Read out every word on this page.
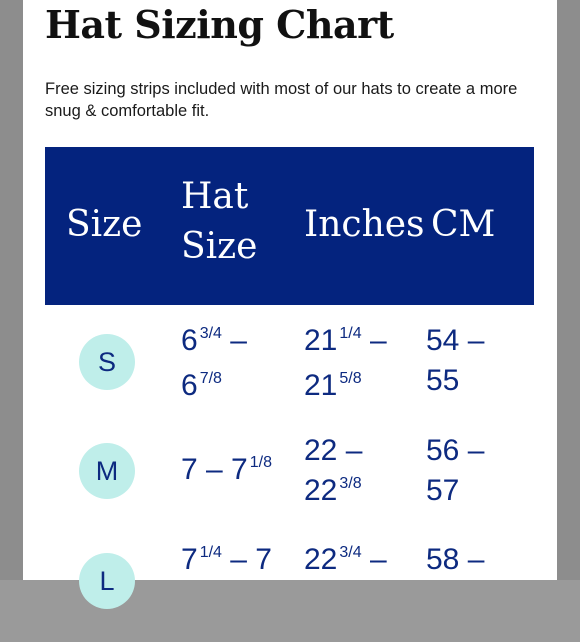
Hat Sizing Chart
Free sizing strips included with most of our hats to create a more snug & comfortable fit.
Size
Hat Size
Inches CM
S
6 $^{3/4}$ –
6 $^{7/8}$
21 $^{1/4}$ –
21 $^{5/8}$
54 –
55
M	7 – 7 $^{1/8}$ 22 –
22 $^{3/8}$
56 –
57
L
7 $^{1/4}$ – 7 22 $^{3/4}$ – 58 –
